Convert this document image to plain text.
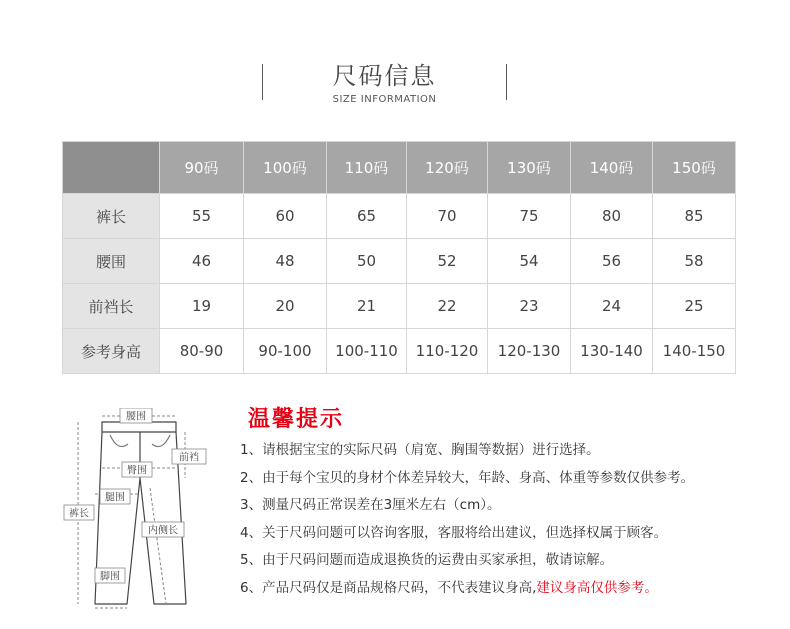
尺码信息
SIZE INFORMATION
	90码	100码	110码	120码	130码	140码	150码
裤长	55	60	65	70	75	80	85
腰围	46	48	50	52	54	56	58
前裆长	19	20	21	22	23	24	25
参考身高	80-90	90-100	100-110	110-120	120-130	130-140	140-150
腰围
前裆
臀围
裤长
腿围
内侧长
脚围
温馨提示
1、请根据宝宝的实际尺码（肩宽、胸围等数据）进行选择。
2、由于每个宝贝的身材个体差异较大，年龄、身高、体重等参数仅供参考。
3、测量尺码正常误差在3厘米左右（cm）。
4、关于尺码问题可以咨询客服，客服将给出建议，但选择权属于顾客。
5、由于尺码问题而造成退换货的运费由买家承担，敬请谅解。
6、产品尺码仅是商品规格尺码，不代表建议身高,建议身高仅供参考。
